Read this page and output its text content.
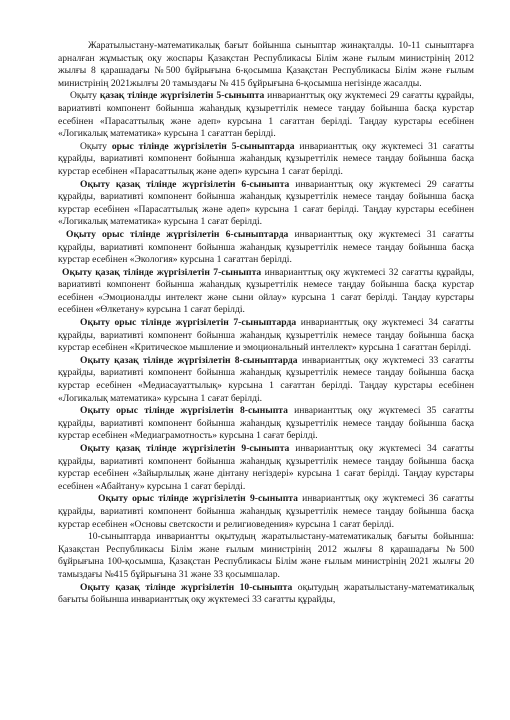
Жаратылыстану-математикалық бағыт бойынша сыныптар жинақталды. 10-11 сыныптарға арналған жұмыстық оқу жоспары Қазақстан Республикасы Білім және ғылым министрінің 2012 жылғы 8 қарашадағы №500 бұйрығына 6-қосымша Қазақстан Республикасы Білім және ғылым министрінің 2021жылғы 20 тамыздағы № 415 бұйрығына 6-қосымша негізінде жасалды.

Оқыту қазақ тілінде жүргізілетін 5-сыныпта инварианттық оқу жүктемесі 29 сағатты құрайды, вариативті компонент бойынша жаһандық құзыреттілік немесе таңдау бойынша басқа курстар есебінен «Парасаттылық және әдеп» курсына 1 сағаттан берілді. Таңдау курстары есебінен «Логикалық математика» курсына 1 сағаттан берілді.

Оқыту орыс тілінде жүргізілетін 5-сыныптарда инварианттық оқу жүктемесі 31 сағатты құрайды, вариативті компонент бойынша жаһандық құзыреттілік немесе таңдау бойынша басқа курстар есебінен «Парасаттылық және әдеп» курсына 1 сағат берілді.

Оқыту қазақ тілінде жүргізілетін 6-сыныпта инварианттық оқу жүктемесі 29 сағатты құрайды, вариативті компонент бойынша жаһандық құзыреттілік немесе таңдау бойынша басқа курстар есебінен «Парасаттылық және әдеп» курсына 1 сағат берілді. Таңдау курстары есебінен «Логикалық математика» курсына 1 сағат берілді.

Оқыту орыс тілінде жүргізілетін 6-сыныптарда инварианттық оқу жүктемесі 31 сағатты құрайды, вариативті компонент бойынша жаһандық құзыреттілік немесе таңдау бойынша басқа курстар есебінен «Экология» курсына 1 сағаттан берілді.

Оқыту қазақ тілінде жүргізілетін 7-сыныпта инварианттық оқу жүктемесі 32 сағатты құрайды, вариативті компонент бойынша жаһандық құзыреттілік немесе таңдау бойынша басқа курстар есебінен «Эмоционалды интелект және сыни ойлау» курсына 1 сағат берілді. Таңдау курстары есебінен «Өлкетану» курсына 1 сағат берілді.

Оқыту орыс тілінде жүргізілетін 7-сыныптарда инварианттық оқу жүктемесі 34 сағатты құрайды, вариативті компонент бойынша жаһандық құзыреттілік немесе таңдау бойынша басқа курстар есебінен «Критическое мышление и эмоциональный интеллект» курсына 1 сағаттан берілді.

Оқыту қазақ тілінде жүргізілетін 8-сыныптарда инварианттық оқу жүктемесі 33 сағатты құрайды, вариативті компонент бойынша жаһандық құзыреттілік немесе таңдау бойынша басқа курстар есебінен «Медиасауаттылық» курсына 1 сағаттан берілді. Таңдау курстары есебінен «Логикалық математика» курсына 1 сағат берілді.

Оқыту орыс тілінде жүргізілетін 8-сыныпта инварианттық оқу жүктемесі 35 сағатты құрайды, вариативті компонент бойынша жаһандық құзыреттілік немесе таңдау бойынша басқа курстар есебінен «Медиаграмотность» курсына 1 сағат берілді.

Оқыту қазақ тілінде жүргізілетін 9-сыныпта инварианттық оқу жүктемесі 34 сағатты құрайды, вариативті компонент бойынша жаһандық құзыреттілік немесе таңдау бойынша басқа курстар есебінен «Зайырлылық және дінтану негіздері» курсына 1 сағат берілді. Таңдау курстары есебінен «Абайтану» курсына 1 сағат берілді.

Оқыту орыс тілінде жүргізілетін 9-сыныпта инварианттық оқу жүктемесі 36 сағатты құрайды, вариативті компонент бойынша жаһандық құзыреттілік немесе таңдау бойынша басқа курстар есебінен «Основы светскости и религиоведения» курсына 1 сағат берілді.

10-сыныптарда инвариантты оқытудың жаратылыстану-математикалық бағыты бойынша: Қазақстан Республикасы Білім және ғылым министрінің 2012 жылғы 8 қарашадағы №500 бұйрығына 100-қосымша, Қазақстан Республикасы Білім және ғылым министрінің 2021 жылғы 20 тамыздағы №415 бұйрығына 31 және 33 қосымшалар.

Оқыту қазақ тілінде жүргізілетін 10-сыныпта оқытудың жаратылыстану-математикалық бағыты бойынша инварианттық оқу жүктемесі 33 сағатты құрайды,
